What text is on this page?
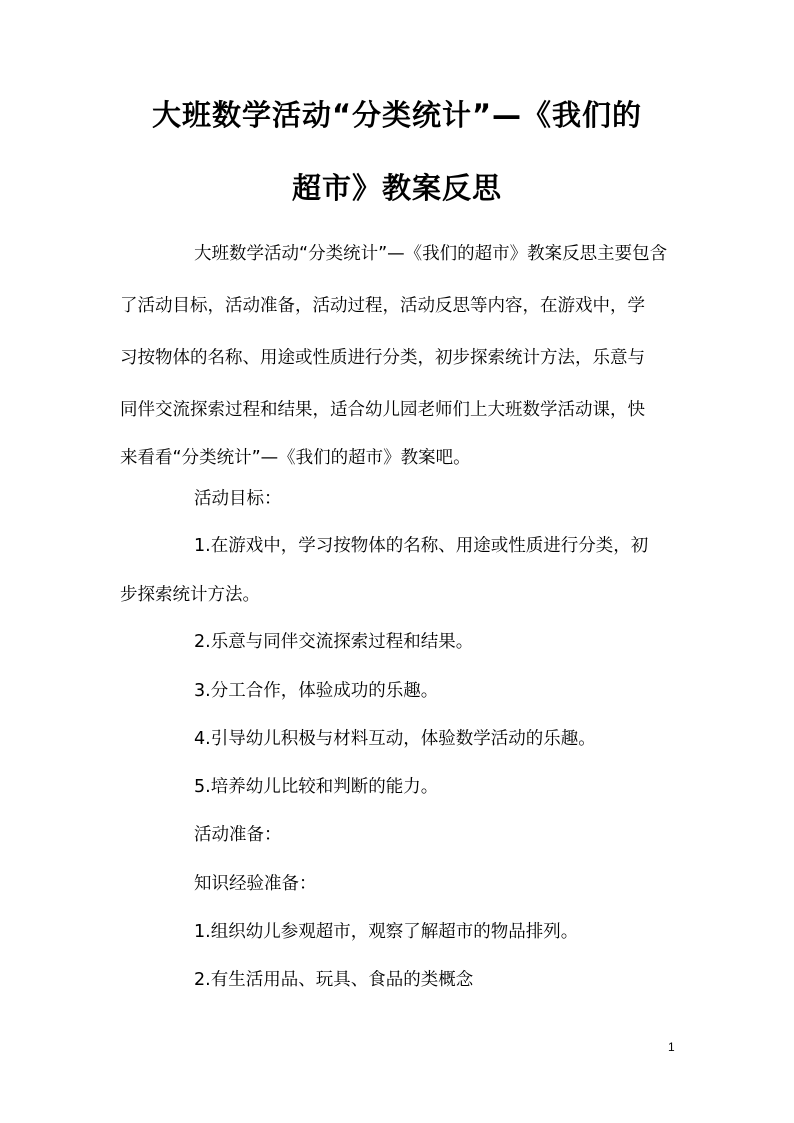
大班数学活动“分类统计”—《我们的
超市》教案反思

大班数学活动“分类统计”—《我们的超市》教案反思主要包含

了活动目标，活动准备，活动过程，活动反思等内容，在游戏中，学

习按物体的名称、用途或性质进行分类，初步探索统计方法，乐意与

同伴交流探索过程和结果，适合幼儿园老师们上大班数学活动课，快

来看看“分类统计”—《我们的超市》教案吧。

活动目标：

1.在游戏中，学习按物体的名称、用途或性质进行分类，初

步探索统计方法。

2.乐意与同伴交流探索过程和结果。

3.分工合作，体验成功的乐趣。

4.引导幼儿积极与材料互动，体验数学活动的乐趣。

5.培养幼儿比较和判断的能力。

活动准备：

知识经验准备：

1.组织幼儿参观超市，观察了解超市的物品排列。

2.有生活用品、玩具、食品的类概念

1
